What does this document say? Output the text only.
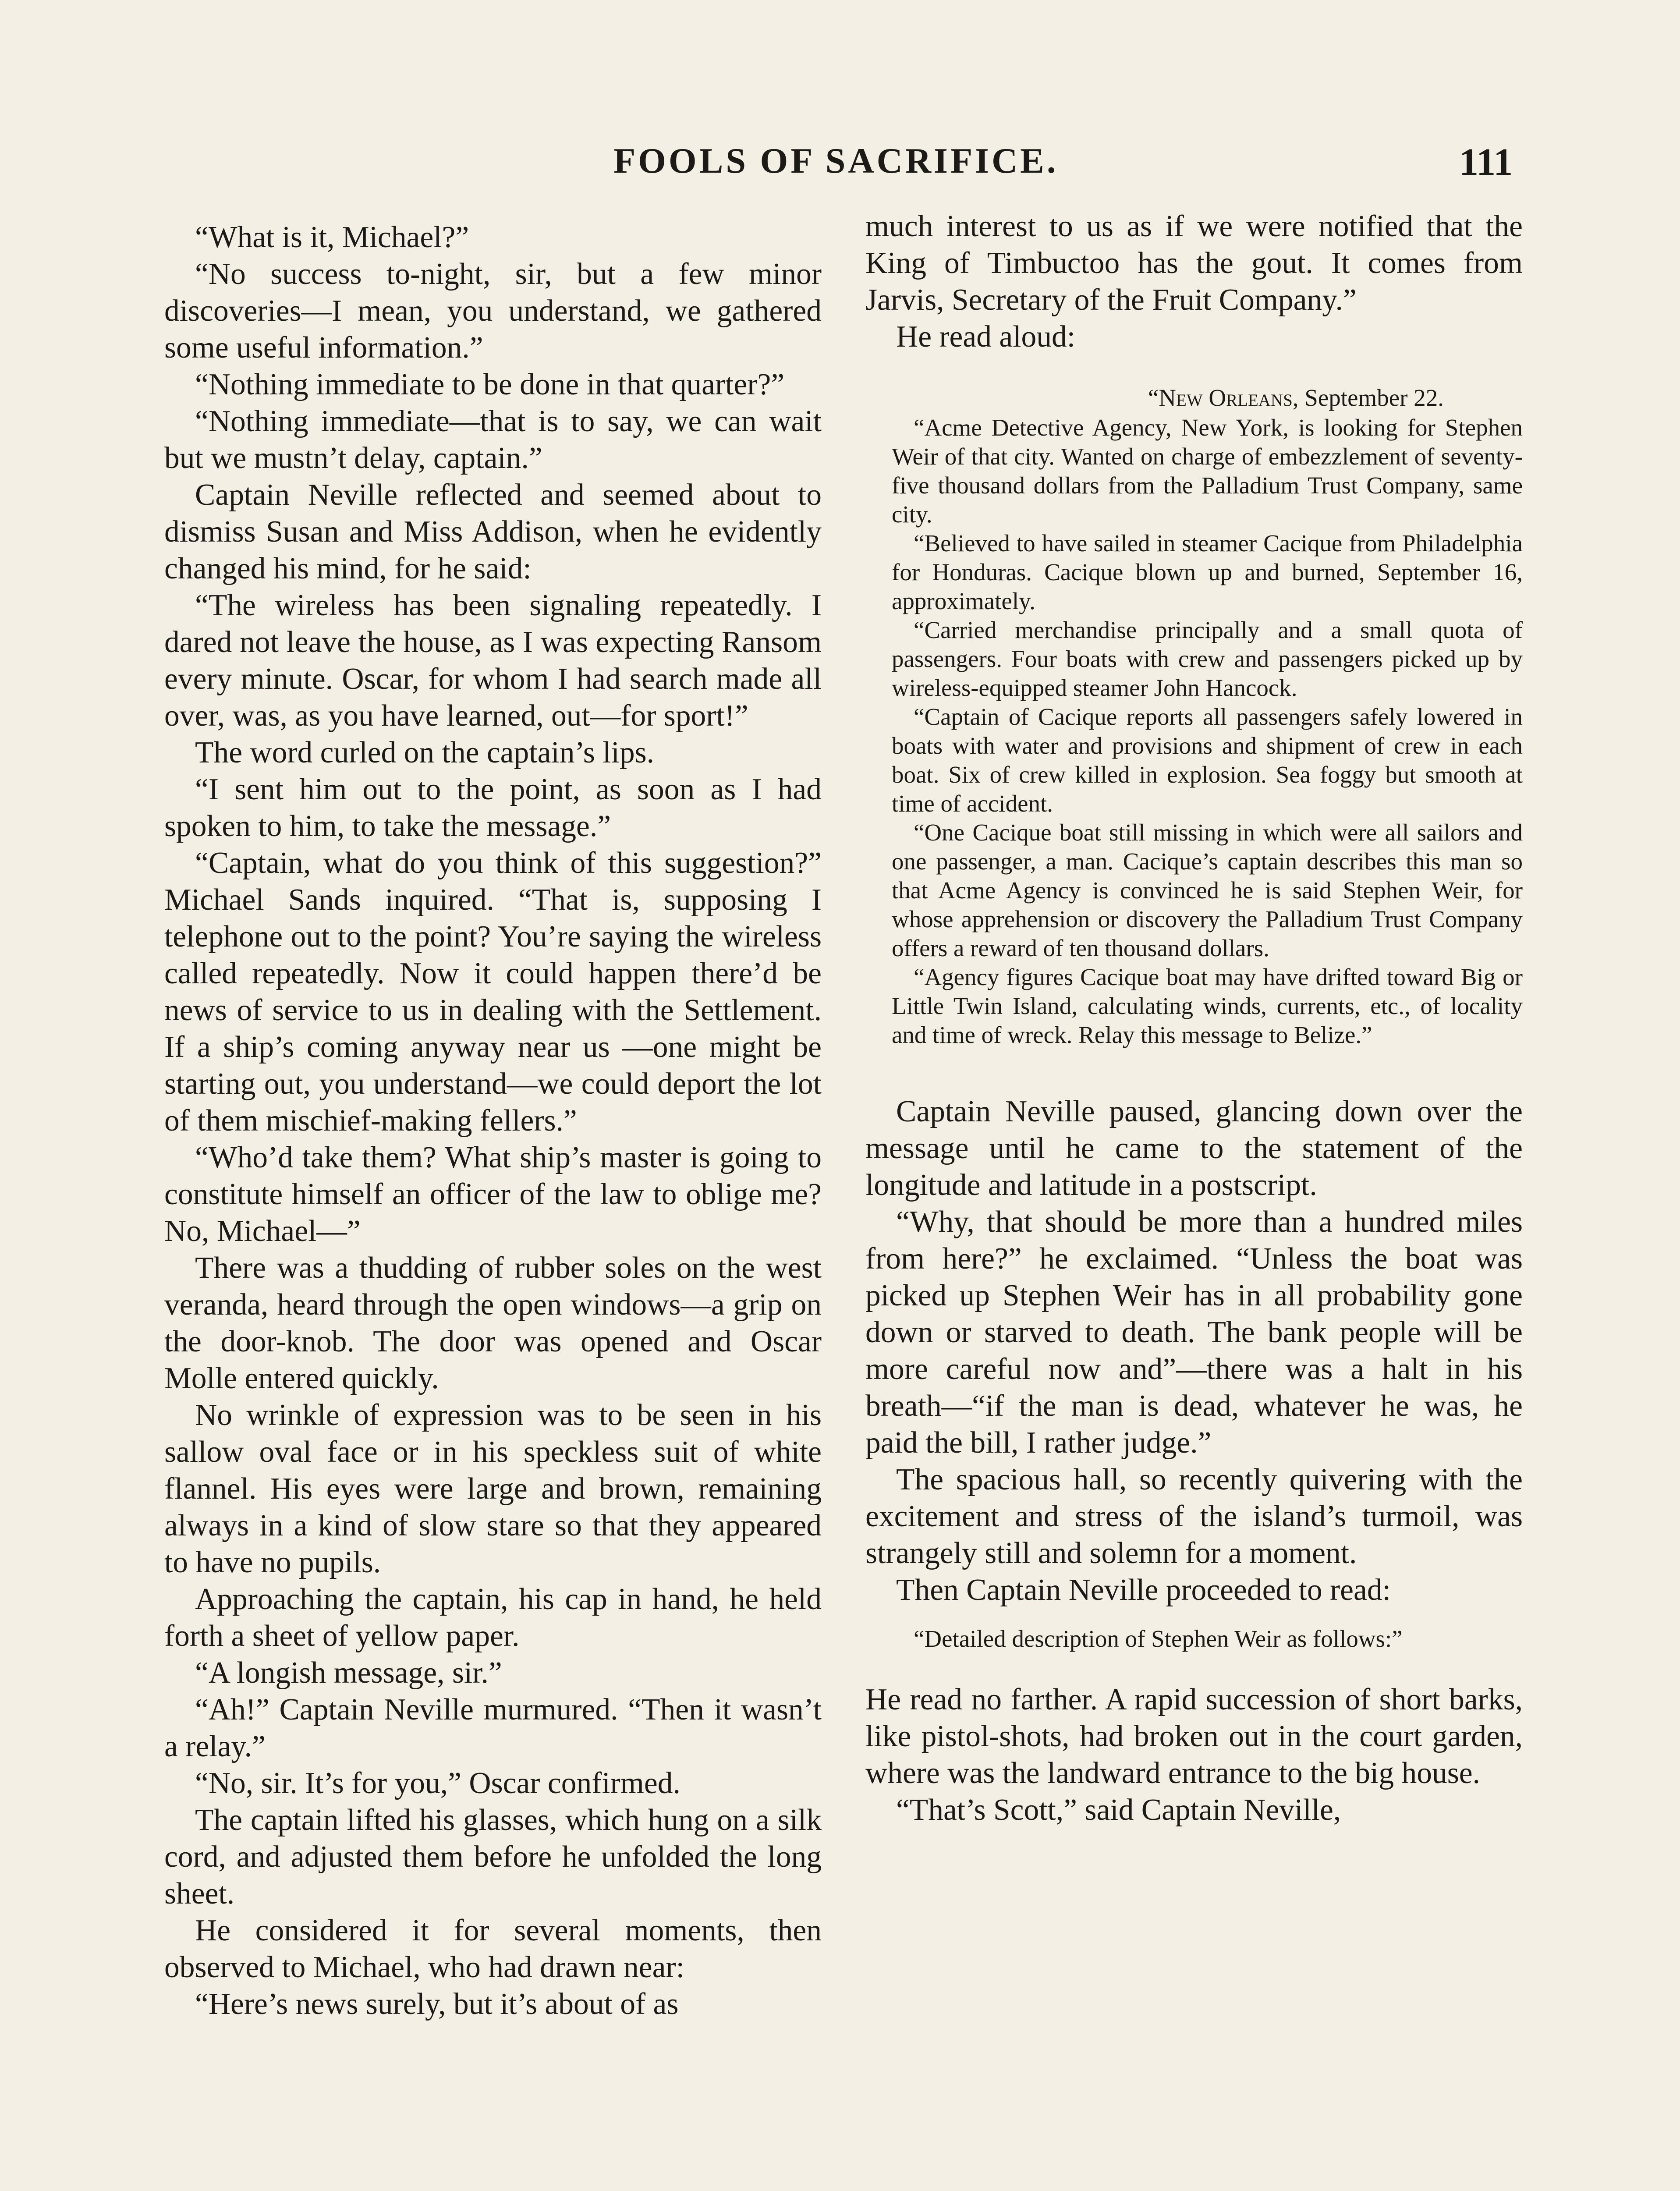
FOOLS OF SACRIFICE.	111

“What is it, Michael?”

“No success to-night, sir, but a few minor discoveries—I mean, you understand, we gathered some useful information.”

“Nothing immediate to be done in that quarter?”

“Nothing immediate—that is to say, we can wait but we mustn’t delay, captain.”

Captain Neville reflected and seemed about to dismiss Susan and Miss Addison, when he evidently changed his mind, for he said:

“The wireless has been signaling repeatedly. I dared not leave the house, as I was expecting Ransom every minute. Oscar, for whom I had search made all over, was, as you have learned, out—for sport!”

The word curled on the captain’s lips.

“I sent him out to the point, as soon as I had spoken to him, to take the message.”

“Captain, what do you think of this suggestion?” Michael Sands inquired. “That is, supposing I telephone out to the point? You’re saying the wireless called repeatedly. Now it could happen there’d be news of service to us in dealing with the Settlement. If a ship’s coming anyway near us —one might be starting out, you understand—we could deport the lot of them mischief-making fellers.”

“Who’d take them? What ship’s master is going to constitute himself an officer of the law to oblige me? No, Michael—”

There was a thudding of rubber soles on the west veranda, heard through the open windows—a grip on the door-knob. The door was opened and Oscar Molle entered quickly.

No wrinkle of expression was to be seen in his sallow oval face or in his speckless suit of white flannel. His eyes were large and brown, remaining always in a kind of slow stare so that they appeared to have no pupils.

Approaching the captain, his cap in hand, he held forth a sheet of yellow paper.

“A longish message, sir.”

“Ah!” Captain Neville murmured. “Then it wasn’t a relay.”

“No, sir. It’s for you,” Oscar confirmed.

The captain lifted his glasses, which hung on a silk cord, and adjusted them before he unfolded the long sheet.

He considered it for several moments, then observed to Michael, who had drawn near:

“Here’s news surely, but it’s about of as

much interest to us as if we were notified that the King of Timbuctoo has the gout. It comes from Jarvis, Secretary of the Fruit Company.”

He read aloud:

“New Orleans, September 22.

“Acme Detective Agency, New York, is looking for Stephen Weir of that city. Wanted on charge of embezzlement of seventy-five thousand dollars from the Palladium Trust Company, same city.

“Believed to have sailed in steamer Cacique from Philadelphia for Honduras. Cacique blown up and burned, September 16, approximately.

“Carried merchandise principally and a small quota of passengers. Four boats with crew and passengers picked up by wireless-equipped steamer John Hancock.

“Captain of Cacique reports all passengers safely lowered in boats with water and provisions and shipment of crew in each boat. Six of crew killed in explosion. Sea foggy but smooth at time of accident.

“One Cacique boat still missing in which were all sailors and one passenger, a man. Cacique’s captain describes this man so that Acme Agency is convinced he is said Stephen Weir, for whose apprehension or discovery the Palladium Trust Company offers a reward of ten thousand dollars.

“Agency figures Cacique boat may have drifted toward Big or Little Twin Island, calculating winds, currents, etc., of locality and time of wreck. Relay this message to Belize.”

Captain Neville paused, glancing down over the message until he came to the statement of the longitude and latitude in a postscript.

“Why, that should be more than a hundred miles from here?” he exclaimed. “Unless the boat was picked up Stephen Weir has in all probability gone down or starved to death. The bank people will be more careful now and”—there was a halt in his breath—“if the man is dead, whatever he was, he paid the bill, I rather judge.”

The spacious hall, so recently quivering with the excitement and stress of the island’s turmoil, was strangely still and solemn for a moment.

Then Captain Neville proceeded to read:

“Detailed description of Stephen Weir as follows:”

He read no farther. A rapid succession of short barks, like pistol-shots, had broken out in the court garden, where was the landward entrance to the big house.

“That’s Scott,” said Captain Neville,
